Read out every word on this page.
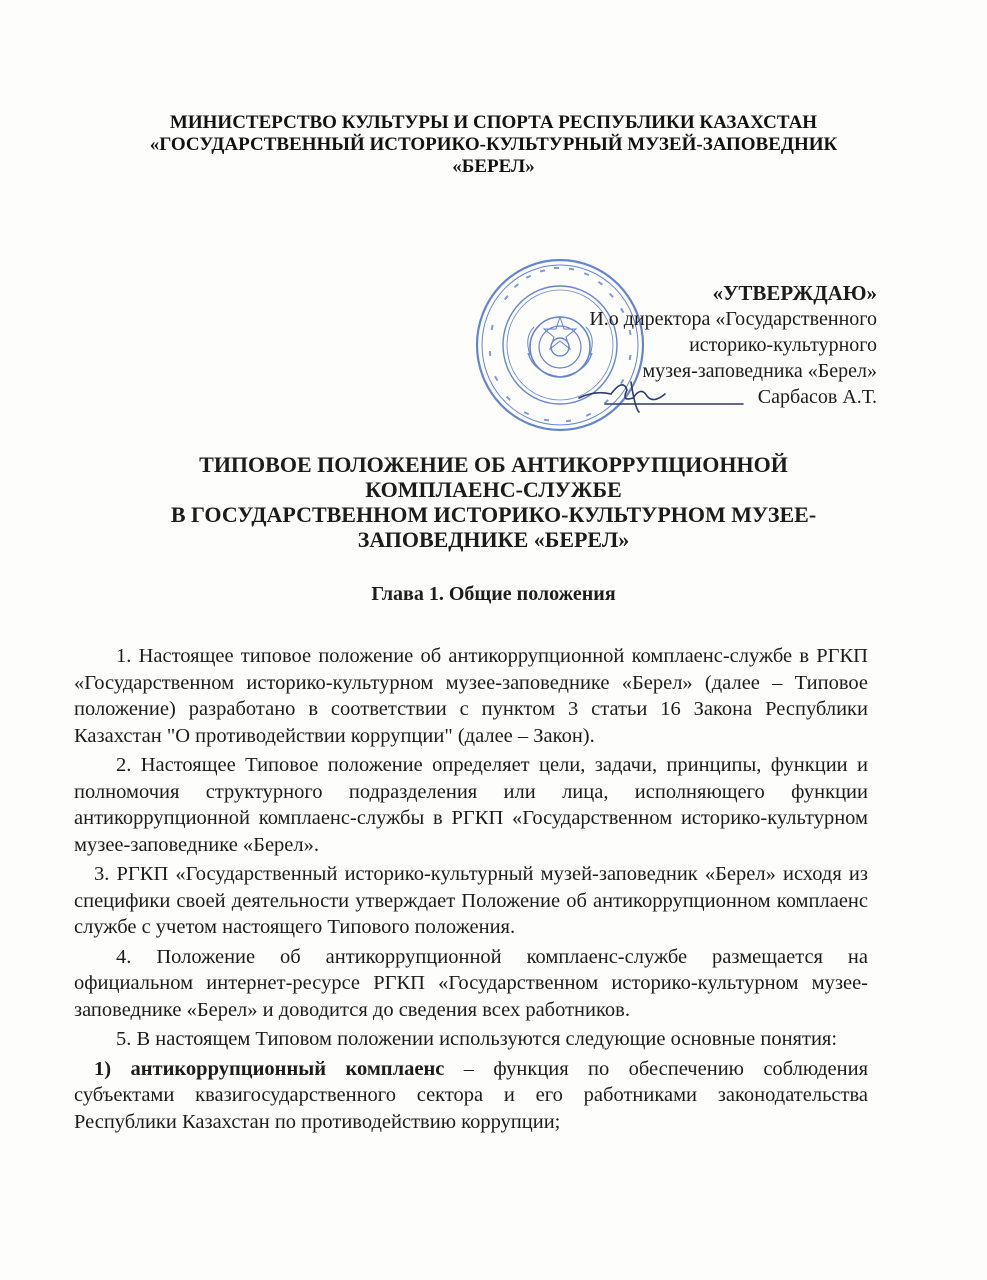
МИНИСТЕРСТВО КУЛЬТУРЫ И СПОРТА РЕСПУБЛИКИ КАЗАХСТАН
«ГОСУДАРСТВЕННЫЙ ИСТОРИКО-КУЛЬТУРНЫЙ МУЗЕЙ-ЗАПОВЕДНИК
«БЕРЕЛ»
«УТВЕРЖДАЮ»
И.о директора «Государственного
историко-культурного
музея-заповедника «Берел»
Сарбасов А.Т.
ТИПОВОЕ ПОЛОЖЕНИЕ ОБ АНТИКОРРУПЦИОННОЙ
КОМПЛАЕНС-СЛУЖБЕ
В ГОСУДАРСТВЕННОМ ИСТОРИКО-КУЛЬТУРНОМ МУЗЕЕ-
ЗАПОВЕДНИКЕ «БЕРЕЛ»
Глава 1. Общие положения

1. Настоящее типовое положение об антикоррупционной комплаенс-службе в РГКП «Государственном историко-культурном музее-заповеднике «Берел» (далее – Типовое положение) разработано в соответствии с пунктом 3 статьи 16 Закона Республики Казахстан "О противодействии коррупции" (далее – Закон).

2. Настоящее Типовое положение определяет цели, задачи, принципы, функции и полномочия структурного подразделения или лица, исполняющего функции антикоррупционной комплаенс-службы в РГКП «Государственном историко-культурном музее-заповеднике «Берел».

3. РГКП «Государственный историко-культурный музей-заповедник «Берел» исходя из специфики своей деятельности утверждает Положение об антикоррупционном комплаенс службе с учетом настоящего Типового положения.

4. Положение об антикоррупционной комплаенс-службе размещается на официальном интернет-ресурсе РГКП «Государственном историко-культурном музее-заповеднике «Берел» и доводится до сведения всех работников.

5. В настоящем Типовом положении используются следующие основные понятия:

1) антикоррупционный комплаенс – функция по обеспечению соблюдения субъектами квазигосударственного сектора и его работниками законодательства Республики Казахстан по противодействию коррупции;
